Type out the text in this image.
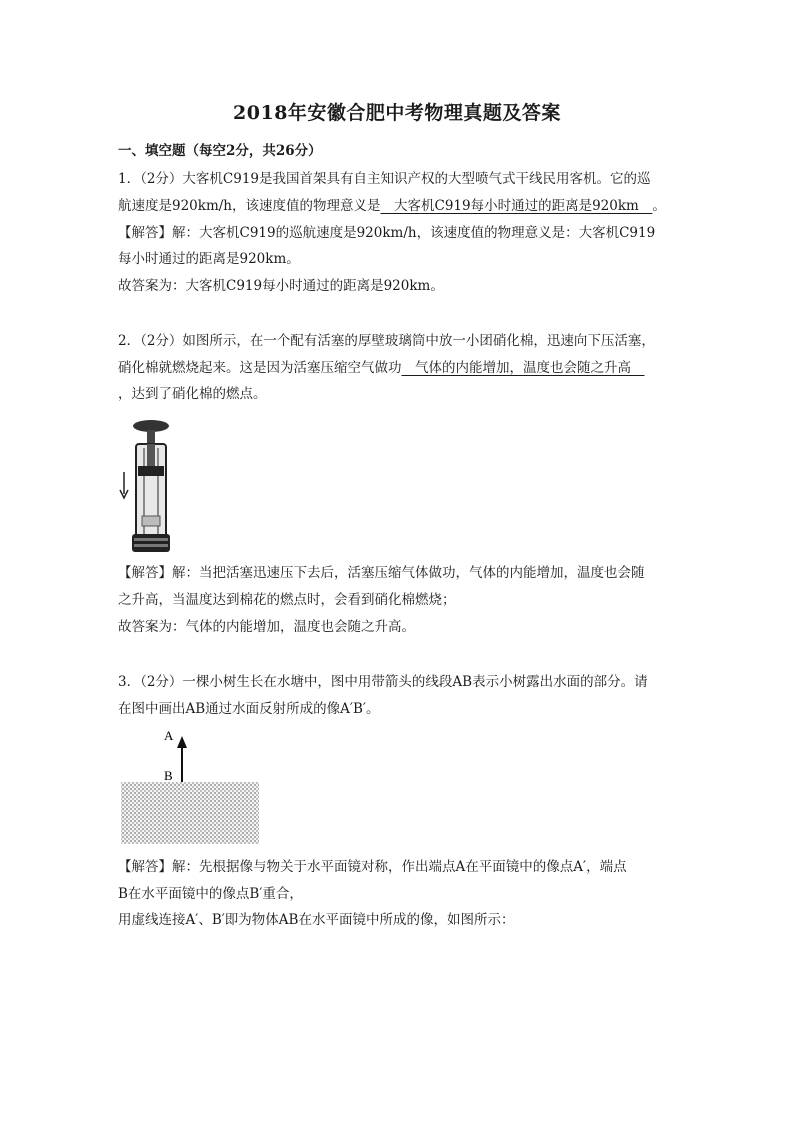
2018年安徽合肥中考物理真题及答案
一、填空题（每空2分，共26分）
1．（2分）大客机C919是我国首架具有自主知识产权的大型喷气式干线民用客机。它的巡
航速度是920km/h，该速度值的物理意义是　大客机C919每小时通过的距离是920km　。
【解答】解：大客机C919的巡航速度是920km/h，该速度值的物理意义是：大客机C919
每小时通过的距离是920km。
故答案为：大客机C919每小时通过的距离是920km。
2．（2分）如图所示，在一个配有活塞的厚壁玻璃筒中放一小团硝化棉，迅速向下压活塞，
硝化棉就燃烧起来。这是因为活塞压缩空气做功　气体的内能增加，温度也会随之升高　
，达到了硝化棉的燃点。
【解答】解：当把活塞迅速压下去后，活塞压缩气体做功，气体的内能增加，温度也会随
之升高，当温度达到棉花的燃点时，会看到硝化棉燃烧；
故答案为：气体的内能增加，温度也会随之升高。
3．（2分）一棵小树生长在水塘中，图中用带箭头的线段AB表示小树露出水面的部分。请
在图中画出AB通过水面反射所成的像A′B′。
A
B
【解答】解：先根据像与物关于水平面镜对称，作出端点A在平面镜中的像点A′，端点
B在水平面镜中的像点B′重合，
用虚线连接A′、B′即为物体AB在水平面镜中所成的像，如图所示：
